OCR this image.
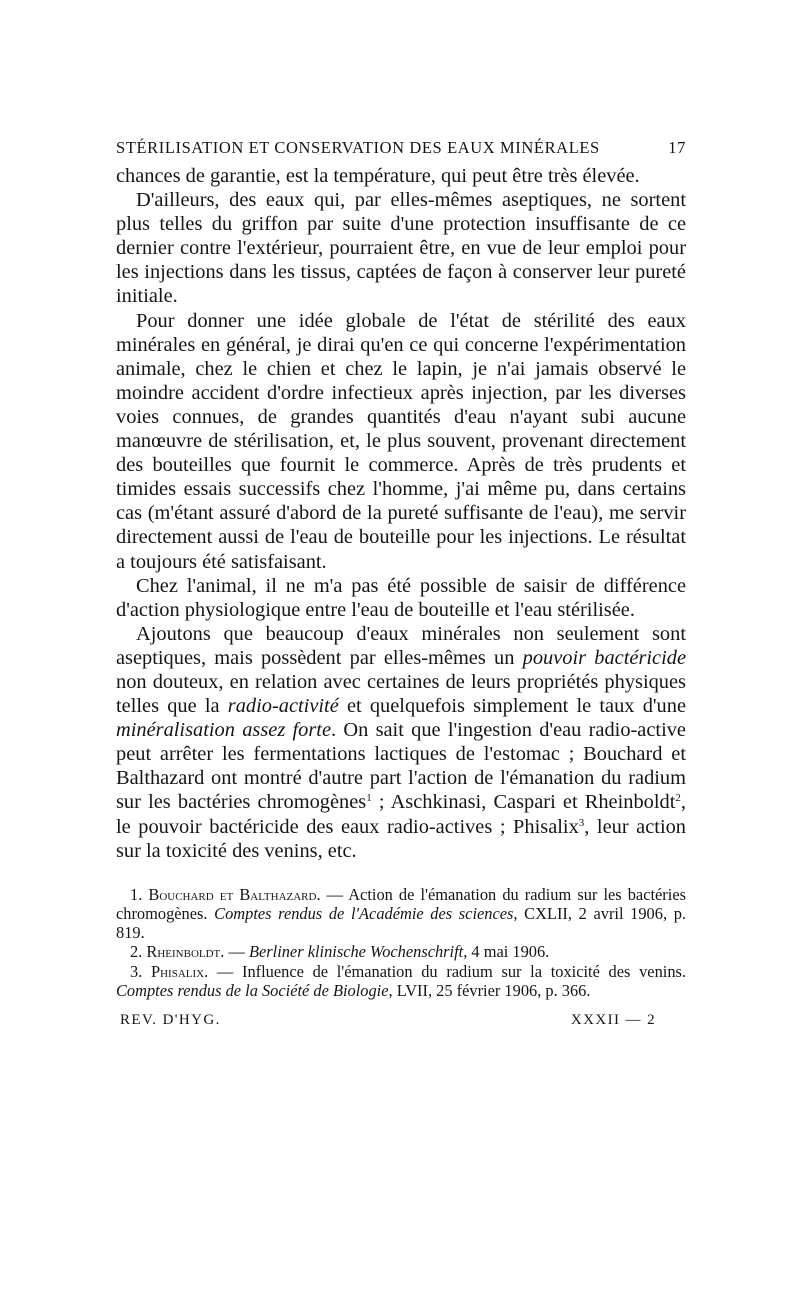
STÉRILISATION ET CONSERVATION DES EAUX MINÉRALES	17

chances de garantie, est la température, qui peut être très élevée.

D'ailleurs, des eaux qui, par elles-mêmes aseptiques, ne sortent plus telles du griffon par suite d'une protection insuffisante de ce dernier contre l'extérieur, pourraient être, en vue de leur emploi pour les injections dans les tissus, captées de façon à conserver leur pureté initiale.

Pour donner une idée globale de l'état de stérilité des eaux minérales en général, je dirai qu'en ce qui concerne l'expérimentation animale, chez le chien et chez le lapin, je n'ai jamais observé le moindre accident d'ordre infectieux après injection, par les diverses voies connues, de grandes quantités d'eau n'ayant subi aucune manœuvre de stérilisation, et, le plus souvent, provenant directement des bouteilles que fournit le commerce. Après de très prudents et timides essais successifs chez l'homme, j'ai même pu, dans certains cas (m'étant assuré d'abord de la pureté suffisante de l'eau), me servir directement aussi de l'eau de bouteille pour les injections. Le résultat a toujours été satisfaisant.

Chez l'animal, il ne m'a pas été possible de saisir de différence d'action physiologique entre l'eau de bouteille et l'eau stérilisée.

Ajoutons que beaucoup d'eaux minérales non seulement sont aseptiques, mais possèdent par elles-mêmes un pouvoir bactéricide non douteux, en relation avec certaines de leurs propriétés physiques telles que la radio-activité et quelquefois simplement le taux d'une minéralisation assez forte. On sait que l'ingestion d'eau radio-active peut arrêter les fermentations lactiques de l'estomac ; Bouchard et Balthazard ont montré d'autre part l'action de l'émanation du radium sur les bactéries chromogènes$^1$ ; Aschkinasi, Caspari et Rheinboldt$^2$, le pouvoir bactéricide des eaux radio-actives ; Phisalix$^3$, leur action sur la toxicité des venins, etc.

1. Bouchard et Balthazard. — Action de l'émanation du radium sur les bactéries chromogènes. Comptes rendus de l'Académie des sciences, CXLII, 2 avril 1906, p. 819.

2. Rheinboldt. — Berliner klinische Wochenschrift, 4 mai 1906.

3. Phisalix. — Influence de l'émanation du radium sur la toxicité des venins. Comptes rendus de la Société de Biologie, LVII, 25 février 1906, p. 366.

REV. D'HYG.	XXXII — 2
